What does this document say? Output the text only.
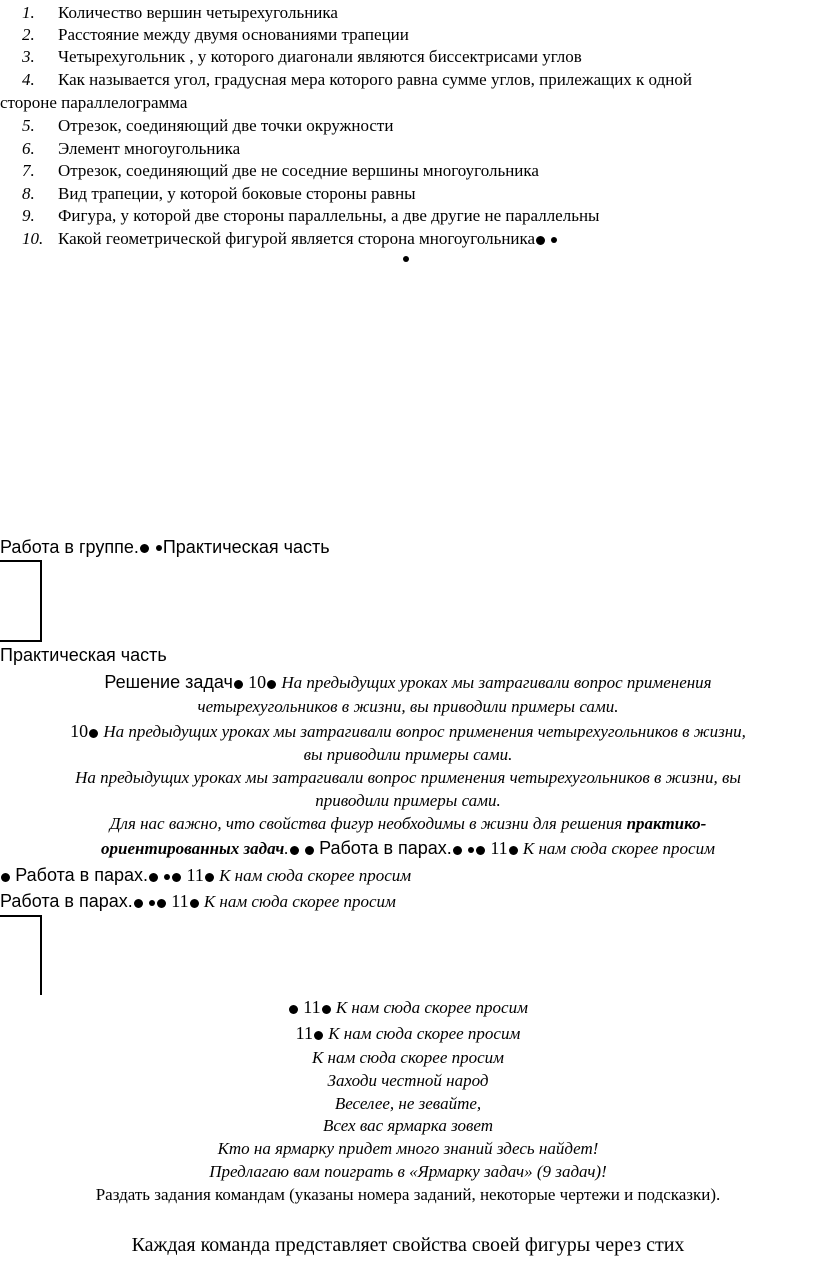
1. Количество вершин четырехугольника
2. Расстояние между двумя основаниями трапеции
3. Четырехугольник , у которого диагонали являются биссектрисами углов
4. Как называется угол, градусная мера которого равна сумме углов, прилежащих к одной
стороне параллелограмма
5. Отрезок, соединяющий две точки окружности
6. Элемент многоугольника
7. Отрезок, соединяющий две не соседние вершины многоугольника
8. Вид трапеции, у которой боковые стороны равны
9. Фигура, у которой две стороны параллельны, а две другие не параллельны
10. Какой геометрической фигурой является сторона многоугольника
Работа в группе. Практическая часть
Практическая часть
Решение задач 10 На предыдущих уроках мы затрагивали вопрос применения
четырехугольников в жизни, вы приводили примеры сами.
10 На предыдущих уроках мы затрагивали вопрос применения четырехугольников в жизни,
вы приводили примеры сами.
На предыдущих уроках мы затрагивали вопрос применения четырехугольников в жизни, вы
приводили примеры сами.
Для нас важно, что свойства фигур необходимы в жизни для решения практико-
ориентированных задач. Работа в парах. 11 К нам сюда скорее просим
Работа в парах. 11 К нам сюда скорее просим
Работа в парах. 11 К нам сюда скорее просим
11 К нам сюда скорее просим
11 К нам сюда скорее просим
К нам сюда скорее просим
Заходи честной народ
Веселее, не зевайте,
Всех вас ярмарка зовет
Кто на ярмарку придет много знаний здесь найдет!
Предлагаю вам поиграть в «Ярмарку задач» (9 задач)!
Раздать задания командам (указаны номера заданий, некоторые чертежи и подсказки).
Каждая команда представляет свойства своей фигуры через стих
